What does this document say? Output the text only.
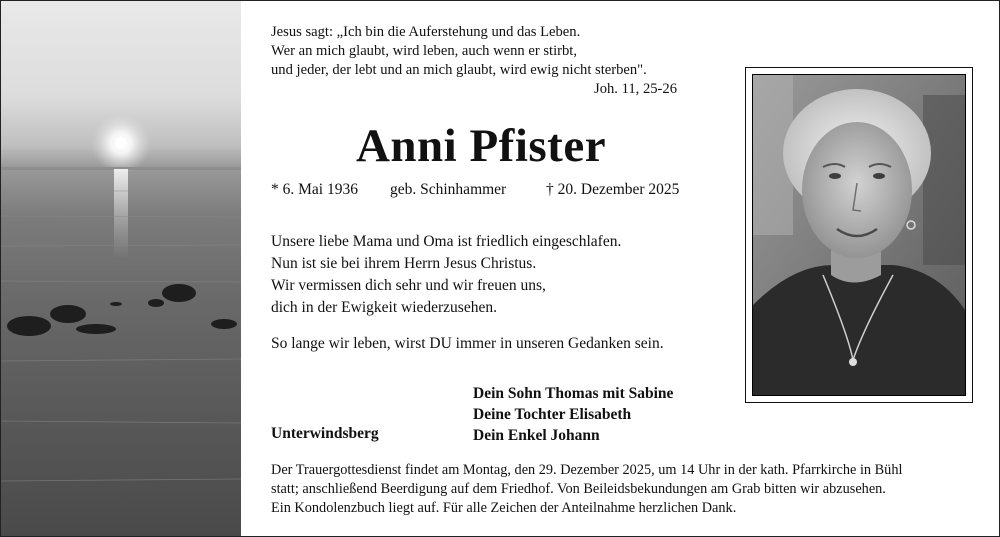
Jesus sagt: „Ich bin die Auferstehung und das Leben.
Wer an mich glaubt, wird leben, auch wenn er stirbt,
und jeder, der lebt und an mich glaubt, wird ewig nicht sterben".
Joh. 11, 25-26
Anni Pfister
* 6. Mai 1936 geb. Schinhammer	† 20. Dezember 2025
Unsere liebe Mama und Oma ist friedlich eingeschlafen.
Nun ist sie bei ihrem Herrn Jesus Christus.
Wir vermissen dich sehr und wir freuen uns,
dich in der Ewigkeit wiederzusehen.
So lange wir leben, wirst DU immer in unseren Gedanken sein.
Dein Sohn Thomas mit Sabine
Deine Tochter Elisabeth
Dein Enkel Johann
Unterwindsberg
Der Trauergottesdienst findet am Montag, den 29. Dezember 2025, um 14 Uhr in der kath. Pfarrkirche in Bühl
statt; anschließend Beerdigung auf dem Friedhof. Von Beileidsbekundungen am Grab bitten wir abzusehen.
Ein Kondolenzbuch liegt auf. Für alle Zeichen der Anteilnahme herzlichen Dank.
